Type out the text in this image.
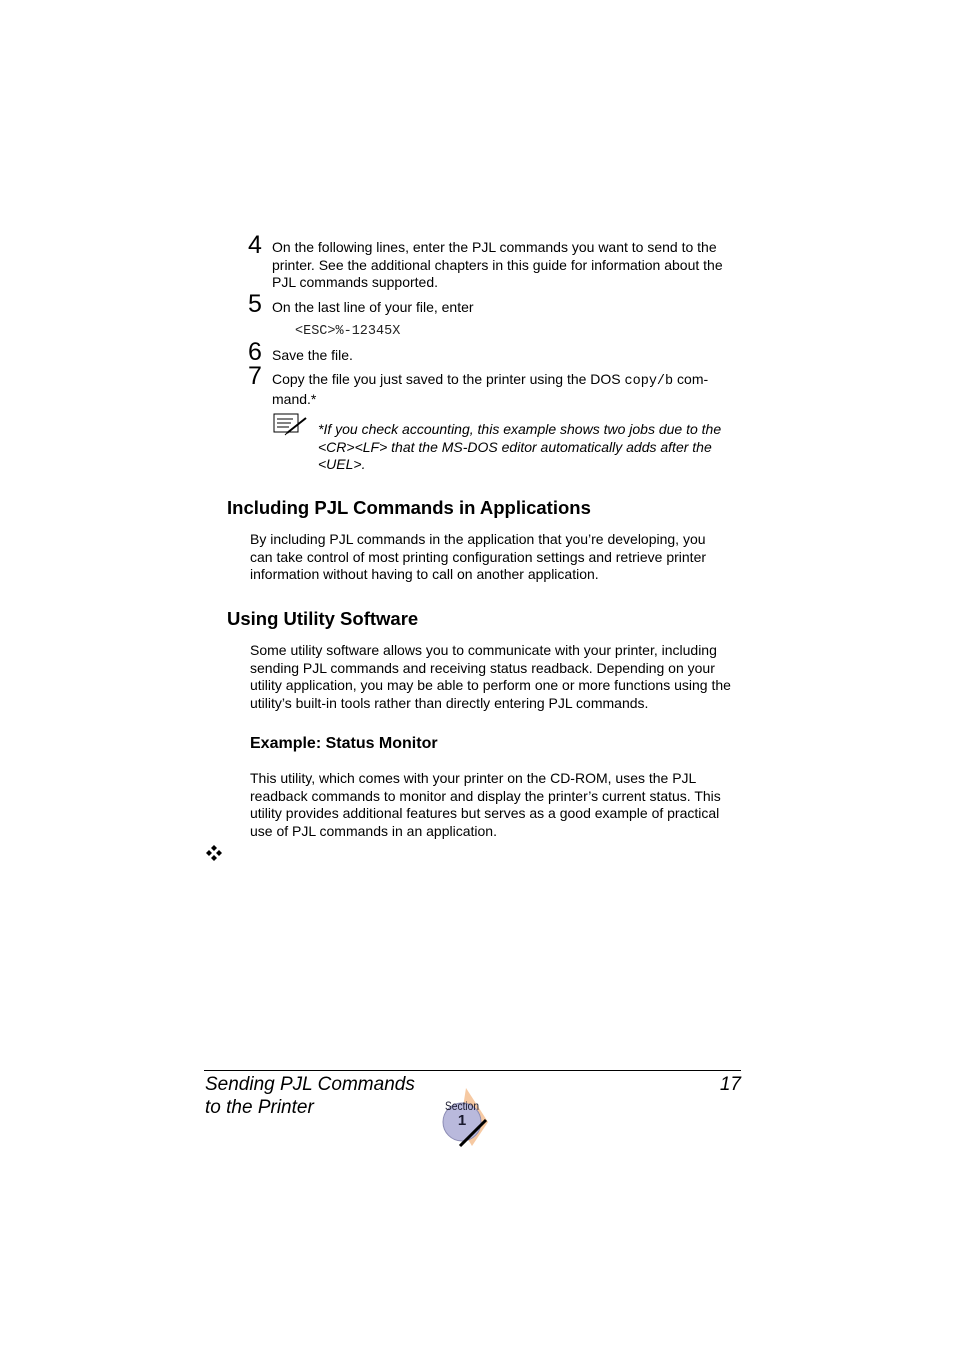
4 On the following lines, enter the PJL commands you want to send to the printer. See the additional chapters in this guide for information about the PJL commands supported.
5 On the last line of your file, enter
<ESC>%-12345X
6 Save the file.
7 Copy the file you just saved to the printer using the DOS copy/b com-mand.*
*If you check accounting, this example shows two jobs due to the <CR><LF> that the MS-DOS editor automatically adds after the <UEL>.
Including PJL Commands in Applications
By including PJL commands in the application that you’re developing, you can take control of most printing configuration settings and retrieve printer information without having to call on another application.
Using Utility Software
Some utility software allows you to communicate with your printer, including sending PJL commands and receiving status readback. Depending on your utility application, you may be able to perform one or more functions using the utility’s built-in tools rather than directly entering PJL commands.
Example: Status Monitor
This utility, which comes with your printer on the CD-ROM, uses the PJL readback commands to monitor and display the printer’s current status. This utility provides additional features but serves as a good example of practical use of PJL commands in an application.
Sending PJL Commands
to the Printer
17
Section
1
